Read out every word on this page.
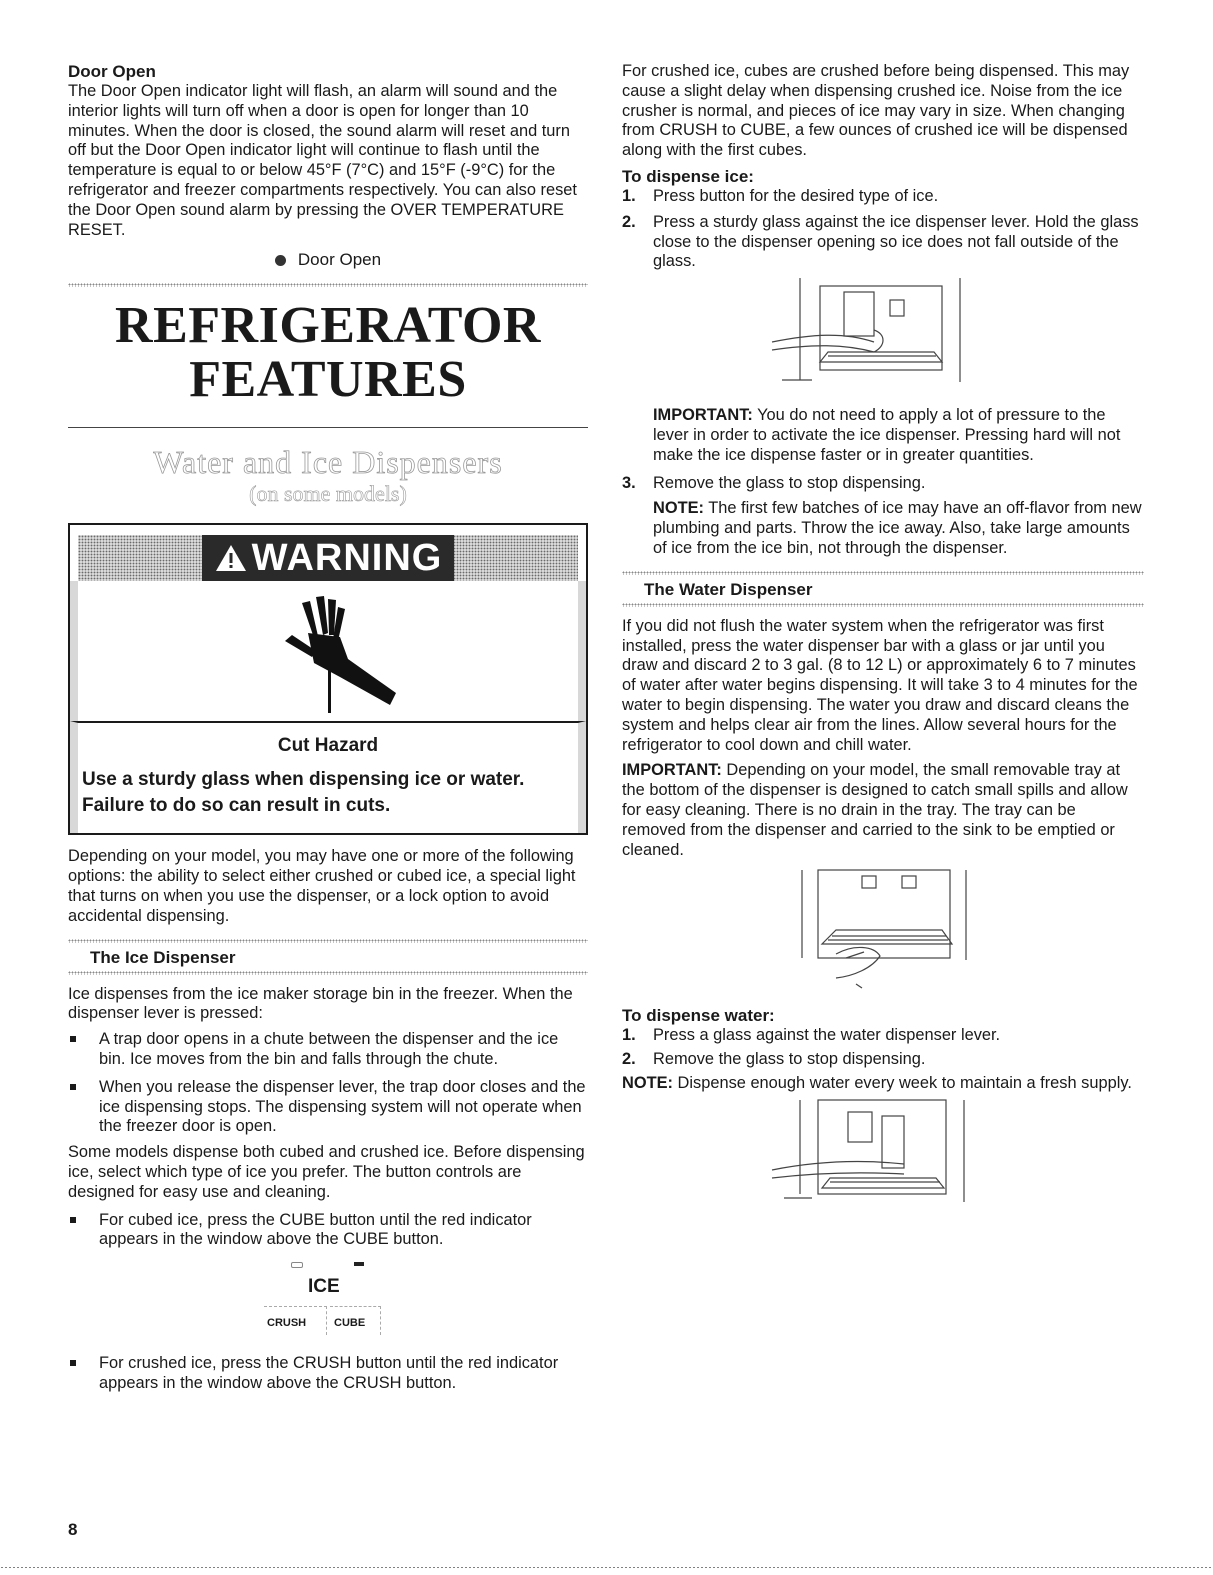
Door Open

The Door Open indicator light will flash, an alarm will sound and the interior lights will turn off when a door is open for longer than 10 minutes. When the door is closed, the sound alarm will reset and turn off but the Door Open indicator light will continue to flash until the temperature is equal to or below 45°F (7°C) and 15°F (-9°C) for the refrigerator and freezer compartments respectively. You can also reset the Door Open sound alarm by pressing the OVER TEMPERATURE RESET.

Door Open
REFRIGERATOR
FEATURES
Water and Ice Dispensers
(on some models)
WARNING
Cut Hazard
Use a sturdy glass when dispensing ice or water.
Failure to do so can result in cuts.

Depending on your model, you may have one or more of the following options: the ability to select either crushed or cubed ice, a special light that turns on when you use the dispenser, or a lock option to avoid accidental dispensing.

The Ice Dispenser

Ice dispenses from the ice maker storage bin in the freezer. When the dispenser lever is pressed:

A trap door opens in a chute between the dispenser and the ice bin. Ice moves from the bin and falls through the chute.

When you release the dispenser lever, the trap door closes and the ice dispensing stops. The dispensing system will not operate when the freezer door is open.

Some models dispense both cubed and crushed ice. Before dispensing ice, select which type of ice you prefer. The button controls are designed for easy use and cleaning.

For cubed ice, press the CUBE button until the red indicator appears in the window above the CUBE button.

ICE
CRUSH	CUBE

For crushed ice, press the CRUSH button until the red indicator appears in the window above the CRUSH button.

For crushed ice, cubes are crushed before being dispensed. This may cause a slight delay when dispensing crushed ice. Noise from the ice crusher is normal, and pieces of ice may vary in size. When changing from CRUSH to CUBE, a few ounces of crushed ice will be dispensed along with the first cubes.

To dispense ice:

1. Press button for the desired type of ice.

2. Press a sturdy glass against the ice dispenser lever. Hold the glass close to the dispenser opening so ice does not fall outside of the glass.

IMPORTANT: You do not need to apply a lot of pressure to the lever in order to activate the ice dispenser. Pressing hard will not make the ice dispense faster or in greater quantities.

3. Remove the glass to stop dispensing.

NOTE: The first few batches of ice may have an off-flavor from new plumbing and parts. Throw the ice away. Also, take large amounts of ice from the ice bin, not through the dispenser.

The Water Dispenser

If you did not flush the water system when the refrigerator was first installed, press the water dispenser bar with a glass or jar until you draw and discard 2 to 3 gal. (8 to 12 L) or approximately 6 to 7 minutes of water after water begins dispensing. It will take 3 to 4 minutes for the water to begin dispensing. The water you draw and discard cleans the system and helps clear air from the lines. Allow several hours for the refrigerator to cool down and chill water.

IMPORTANT: Depending on your model, the small removable tray at the bottom of the dispenser is designed to catch small spills and allow for easy cleaning. There is no drain in the tray. The tray can be removed from the dispenser and carried to the sink to be emptied or cleaned.

To dispense water:

1. Press a glass against the water dispenser lever.

2. Remove the glass to stop dispensing.

NOTE: Dispense enough water every week to maintain a fresh supply.

8
